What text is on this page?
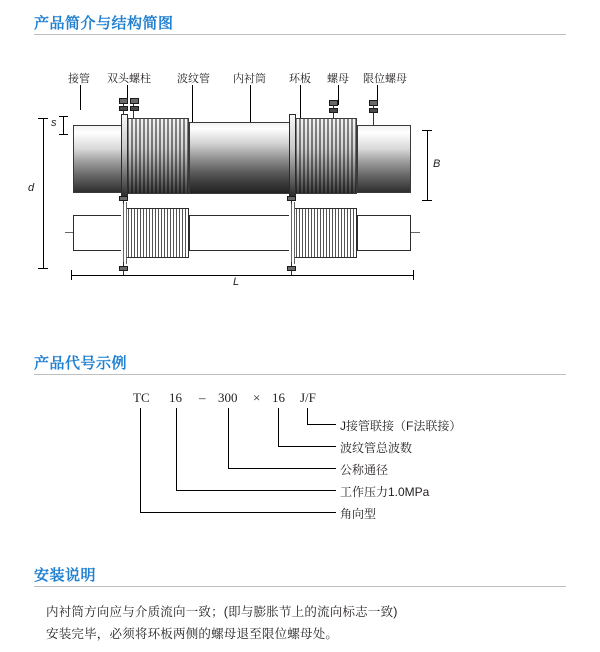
产品简介与结构简图
接管 双头螺柱 波纹管 内衬筒 环板 螺母 限位螺母
s
d
B
L
产品代号示例
TC 16 – 300 × 16 J/F
J接管联接（F法联接）
波纹管总波数
公称通径
工作压力1.0MPa
角向型
安装说明
内衬筒方向应与介质流向一致；(即与膨胀节上的流向标志一致)
安装完毕，必须将环板两侧的螺母退至限位螺母处。
